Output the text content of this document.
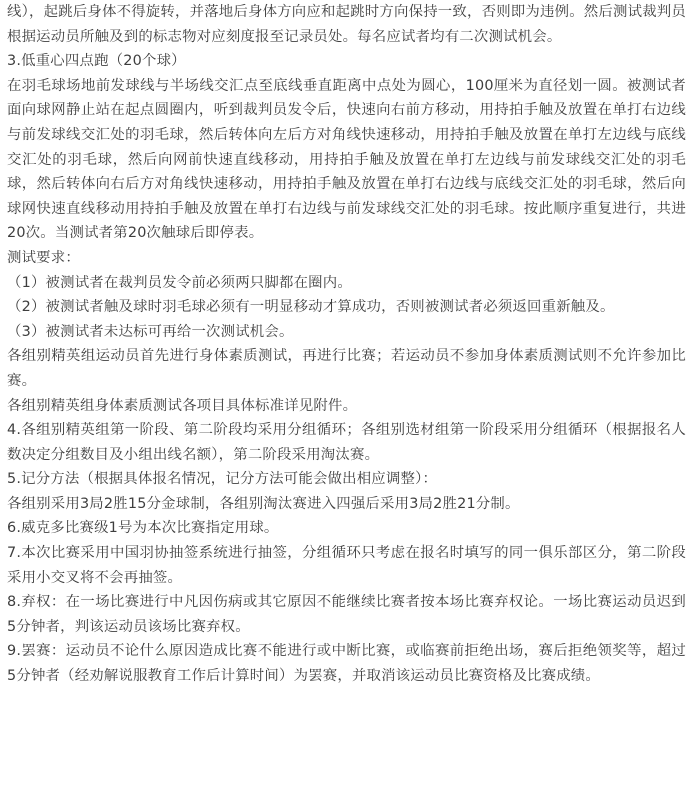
线），起跳后身体不得旋转，并落地后身体方向应和起跳时方向保持一致，否则即为违例。然后测试裁判员根据运动员所触及到的标志物对应刻度报至记录员处。每名应试者均有二次测试机会。

3.低重心四点跑（20个球）

在羽毛球场地前发球线与半场线交汇点至底线垂直距离中点处为圆心，100厘米为直径划一圆。被测试者面向球网静止站在起点圆圈内，听到裁判员发令后，快速向右前方移动，用持拍手触及放置在单打右边线与前发球线交汇处的羽毛球，然后转体向左后方对角线快速移动，用持拍手触及放置在单打左边线与底线交汇处的羽毛球，然后向网前快速直线移动，用持拍手触及放置在单打左边线与前发球线交汇处的羽毛球，然后转体向右后方对角线快速移动，用持拍手触及放置在单打右边线与底线交汇处的羽毛球，然后向球网快速直线移动用持拍手触及放置在单打右边线与前发球线交汇处的羽毛球。按此顺序重复进行，共进20次。当测试者第20次触球后即停表。

测试要求：

（1）被测试者在裁判员发令前必须两只脚都在圈内。

（2）被测试者触及球时羽毛球必须有一明显移动才算成功，否则被测试者必须返回重新触及。

（3）被测试者未达标可再给一次测试机会。

各组别精英组运动员首先进行身体素质测试，再进行比赛；若运动员不参加身体素质测试则不允许参加比赛。

各组别精英组身体素质测试各项目具体标准详见附件。

4.各组别精英组第一阶段、第二阶段均采用分组循环；各组别选材组第一阶段采用分组循环（根据报名人数决定分组数目及小组出线名额），第二阶段采用淘汰赛。

5.记分方法（根据具体报名情况，记分方法可能会做出相应调整）：

各组别采用3局2胜15分金球制，各组别淘汰赛进入四强后采用3局2胜21分制。

6.威克多比赛级1号为本次比赛指定用球。

7.本次比赛采用中国羽协抽签系统进行抽签，分组循环只考虑在报名时填写的同一俱乐部区分，第二阶段采用小交叉将不会再抽签。

8.弃权：在一场比赛进行中凡因伤病或其它原因不能继续比赛者按本场比赛弃权论。一场比赛运动员迟到5分钟者，判该运动员该场比赛弃权。

9.罢赛：运动员不论什么原因造成比赛不能进行或中断比赛，或临赛前拒绝出场，赛后拒绝领奖等，超过5分钟者（经劝解说服教育工作后计算时间）为罢赛，并取消该运动员比赛资格及比赛成绩。
